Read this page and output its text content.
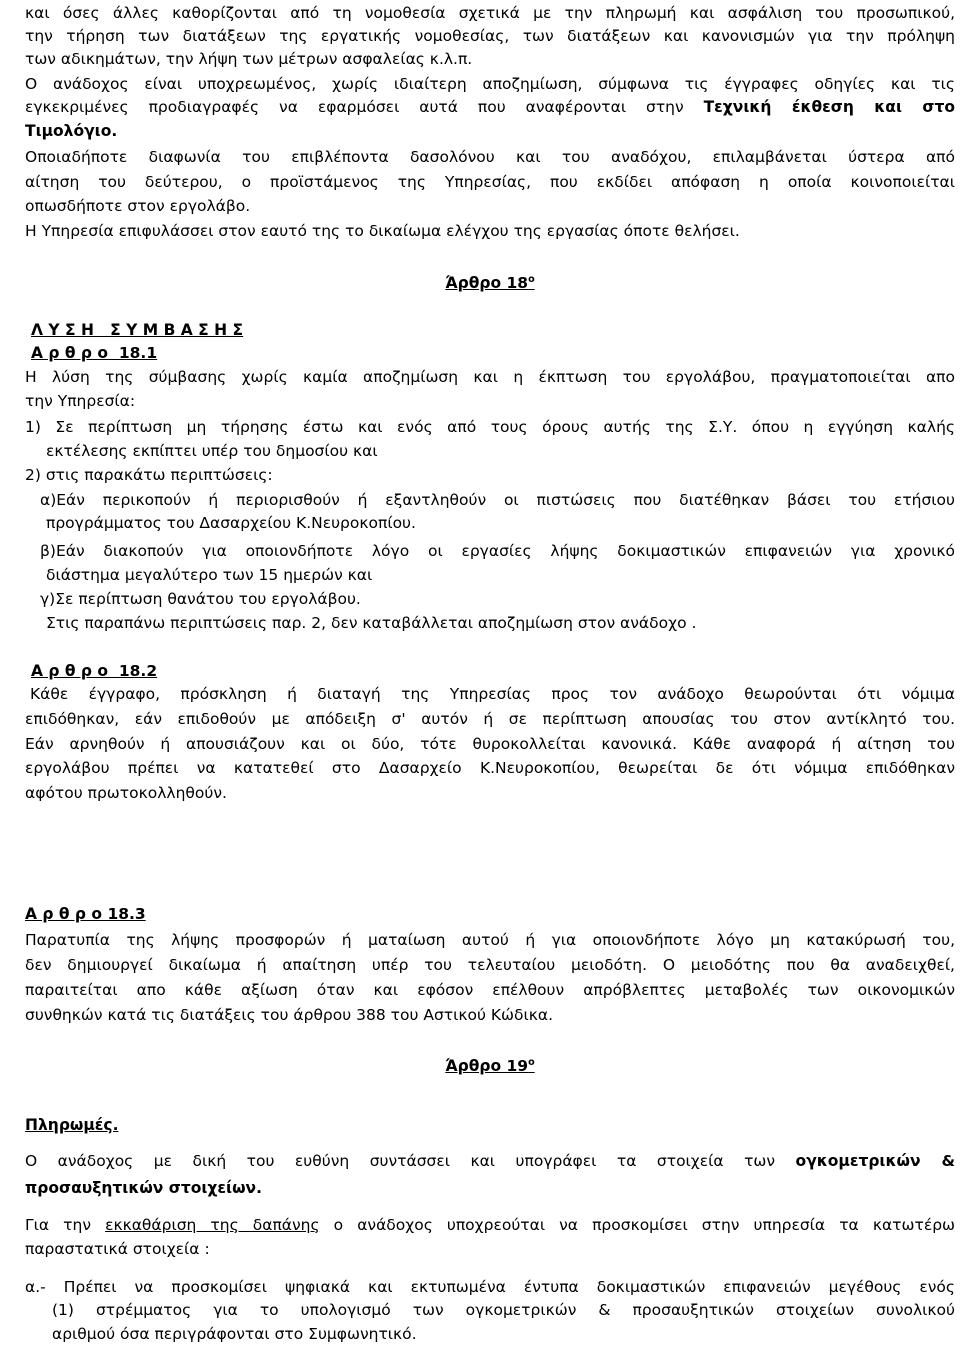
και όσες άλλες καθορίζονται από τη νομοθεσία σχετικά με την πληρωμή και ασφάλιση του προσωπικού,
την τήρηση των διατάξεων της εργατικής νομοθεσίας, των διατάξεων και κανονισμών για την πρόληψη
των αδικημάτων, την λήψη των μέτρων ασφαλείας κ.λ.π.
Ο ανάδοχος είναι υποχρεωμένος, χωρίς ιδιαίτερη αποζημίωση, σύμφωνα τις έγγραφες οδηγίες και τις
εγκεκριμένες προδιαγραφές να εφαρμόσει αυτά που αναφέρονται στην Τεχνική έκθεση και στο
Τιμολόγιο.
Οποιαδήποτε διαφωνία του επιβλέποντα δασολόνου και του αναδόχου, επιλαμβάνεται ύστερα από
αίτηση του δεύτερου, ο προϊστάμενος της Υπηρεσίας, που εκδίδει απόφαση η οποία κοινοποιείται
οπωσδήποτε στον εργολάβο.
Η Υπηρεσία επιφυλάσσει στον εαυτό της το δικαίωμα ελέγχου της εργασίας όποτε θελήσει.
Άρθρο $18^o$
Λ Υ Σ Η   Σ Υ Μ Β Α Σ Η Σ
Α ρ θ ρ ο  18.1
Η λύση της σύμβασης χωρίς καμία αποζημίωση και η έκπτωση του εργολάβου, πραγματοποιείται απο
την Υπηρεσία:
1) Σε περίπτωση μη τήρησης έστω και ενός από τους όρους αυτής της Σ.Υ. όπου η εγγύηση καλής
εκτέλεσης εκπίπτει υπέρ του δημοσίου και
2) στις παρακάτω περιπτώσεις:
α)Εάν περικοπούν ή περιορισθούν ή εξαντληθούν οι πιστώσεις που διατέθηκαν βάσει του ετήσιου
προγράμματος του Δασαρχείου Κ.Νευροκοπίου.
β)Εάν διακοπούν για οποιονδήποτε λόγο οι εργασίες λήψης δοκιμαστικών επιφανειών για χρονικό
διάστημα μεγαλύτερο των 15 ημερών και
γ)Σε περίπτωση θανάτου του εργολάβου.
Στις παραπάνω περιπτώσεις παρ. 2, δεν καταβάλλεται αποζημίωση στον ανάδοχο .
Α ρ θ ρ ο  18.2
Κάθε έγγραφο, πρόσκληση ή διαταγή της Υπηρεσίας προς τον ανάδοχο θεωρούνται ότι νόμιμα
επιδόθηκαν, εάν επιδοθούν με απόδειξη σ' αυτόν ή σε περίπτωση απουσίας του στον αντίκλητό του.
Εάν αρνηθούν ή απουσιάζουν και οι δύο, τότε θυροκολλείται κανονικά. Κάθε αναφορά ή αίτηση του
εργολάβου πρέπει να κατατεθεί στο Δασαρχείο Κ.Νευροκοπίου, θεωρείται δε ότι νόμιμα επιδόθηκαν
αφότου πρωτοκολληθούν.
Α ρ θ ρ ο 18.3
Παρατυπία της λήψης προσφορών ή ματαίωση αυτού ή για οποιονδήποτε λόγο μη κατακύρωσή του,
δεν δημιουργεί δικαίωμα ή απαίτηση υπέρ του τελευταίου μειοδότη. Ο μειοδότης που θα αναδειχθεί,
παραιτείται απο κάθε αξίωση όταν και εφόσον επέλθουν απρόβλεπτες μεταβολές των οικονομικών
συνθηκών κατά τις διατάξεις του άρθρου 388 του Αστικού Κώδικα.
Άρθρο $19^o$
Πληρωμές.
Ο ανάδοχος με δική του ευθύνη συντάσσει και υπογράφει τα στοιχεία των ογκομετρικών &
προσαυξητικών στοιχείων.
Για την εκκαθάριση της δαπάνης ο ανάδοχος υποχρεούται να προσκομίσει στην υπηρεσία τα κατωτέρω
παραστατικά στοιχεία :
α.- Πρέπει να προσκομίσει ψηφιακά και εκτυπωμένα έντυπα δοκιμαστικών επιφανειών μεγέθους ενός
(1) στρέμματος για το υπολογισμό των ογκομετρικών & προσαυξητικών στοιχείων συνολικού
αριθμού όσα περιγράφονται στο Συμφωνητικό.
